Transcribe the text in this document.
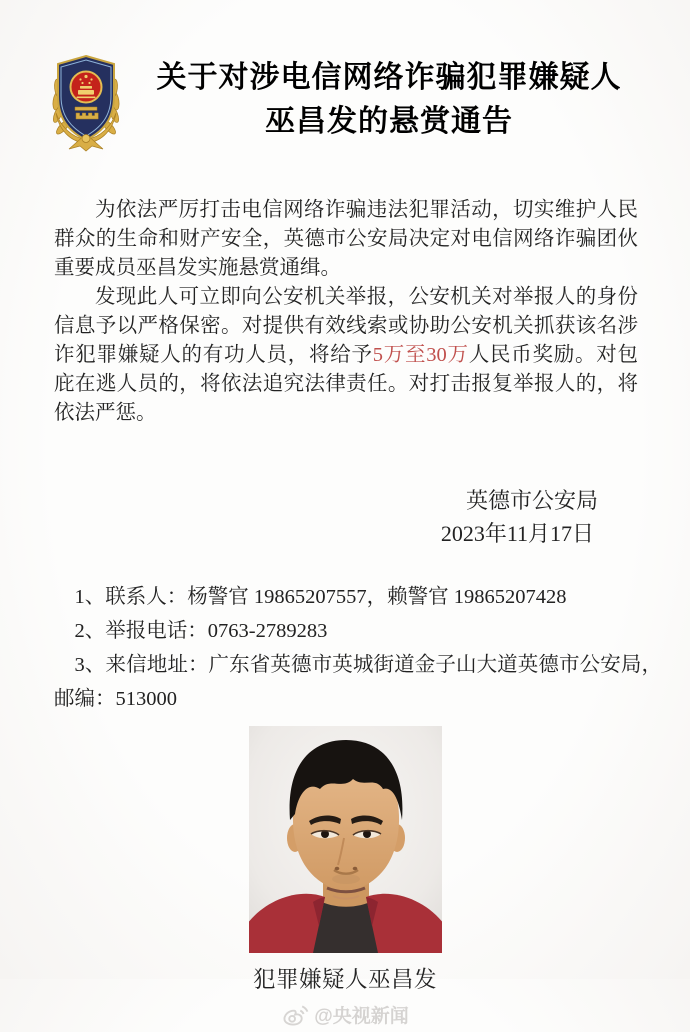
关于对涉电信网络诈骗犯罪嫌疑人
巫昌发的悬赏通告

为依法严厉打击电信网络诈骗违法犯罪活动，切实维护人民群众的生命和财产安全，英德市公安局决定对电信网络诈骗团伙重要成员巫昌发实施悬赏通缉。

发现此人可立即向公安机关举报，公安机关对举报人的身份信息予以严格保密。对提供有效线索或协助公安机关抓获该名涉诈犯罪嫌疑人的有功人员，将给予5万至30万人民币奖励。对包庇在逃人员的，将依法追究法律责任。对打击报复举报人的，将依法严惩。

英德市公安局
2023年11月17日
1、联系人：杨警官 19865207557，赖警官 19865207428
2、举报电话：0763-2789283
3、来信地址：广东省英德市英城街道金子山大道英德市公安局，邮编：513000
犯罪嫌疑人巫昌发
@央视新闻
